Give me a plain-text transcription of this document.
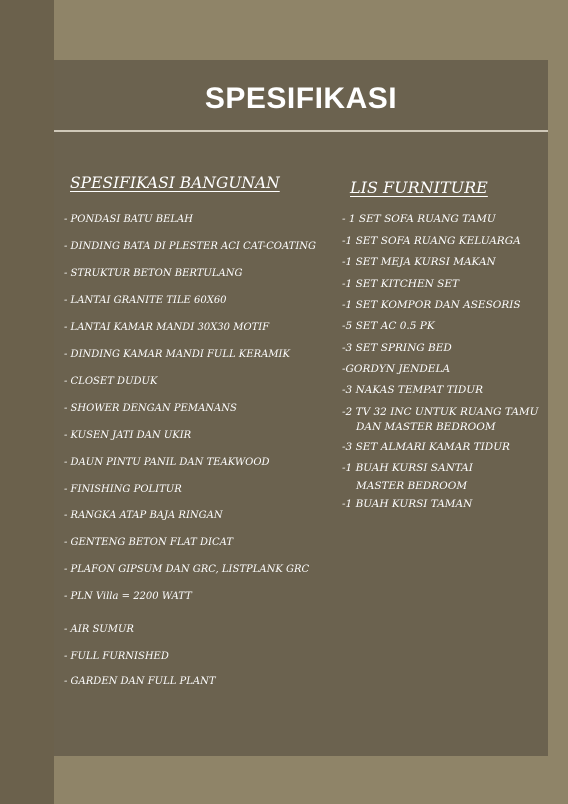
SPESIFIKASI
SPESIFIKASI BANGUNAN
- PONDASI BATU BELAH
- DINDING BATA DI PLESTER ACI CAT-COATING
- STRUKTUR BETON BERTULANG
- LANTAI GRANITE TILE 60X60
- LANTAI KAMAR MANDI 30X30 MOTIF
- DINDING KAMAR MANDI FULL KERAMIK
- CLOSET DUDUK
- SHOWER DENGAN PEMANANS
- KUSEN JATI DAN UKIR
- DAUN PINTU PANIL DAN TEAKWOOD
- FINISHING POLITUR
- RANGKA ATAP BAJA RINGAN
- GENTENG BETON FLAT DICAT
- PLAFON GIPSUM DAN GRC, LISTPLANK GRC
- PLN Villa = 2200 WATT
- AIR SUMUR
- FULL FURNISHED
- GARDEN DAN FULL PLANT
LIS FURNITURE
- 1 SET SOFA RUANG TAMU
-1 SET SOFA RUANG KELUARGA
-1 SET MEJA KURSI MAKAN
-1 SET KITCHEN SET
-1 SET KOMPOR DAN ASESORIS
-5 SET AC 0.5 PK
-3 SET SPRING BED
-GORDYN JENDELA
-3 NAKAS TEMPAT TIDUR
-2 TV 32 INC UNTUK RUANG TAMU
DAN MASTER BEDROOM
-3 SET ALMARI KAMAR TIDUR
-1 BUAH KURSI SANTAI
MASTER BEDROOM
-1 BUAH KURSI TAMAN
